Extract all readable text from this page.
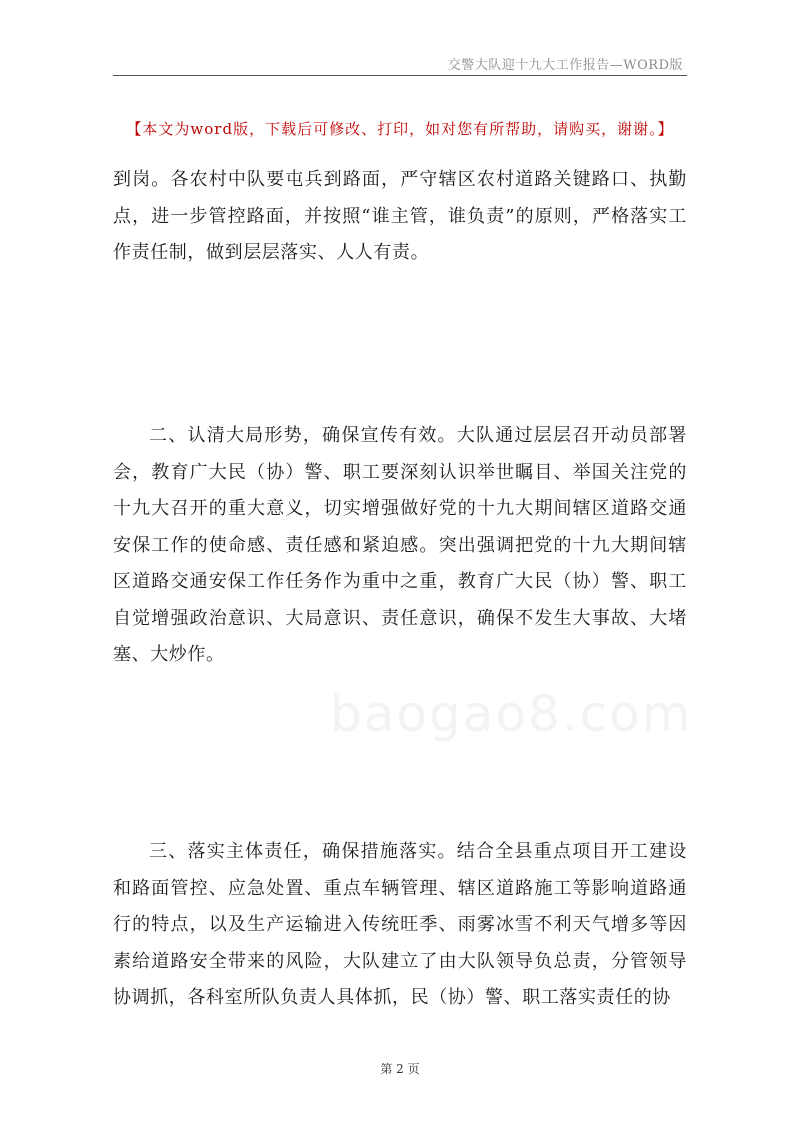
交警大队迎十九大工作报告—WORD版
【本文为word版，下载后可修改、打印，如对您有所帮助，请购买，谢谢。】

到岗。各农村中队要屯兵到路面，严守辖区农村道路关键路口、执勤点，进一步管控路面，并按照“谁主管，谁负责”的原则，严格落实工作责任制，做到层层落实、人人有责。

二、认清大局形势，确保宣传有效。大队通过层层召开动员部署会，教育广大民（协）警、职工要深刻认识举世瞩目、举国关注党的十九大召开的重大意义，切实增强做好党的十九大期间辖区道路交通安保工作的使命感、责任感和紧迫感。突出强调把党的十九大期间辖区道路交通安保工作任务作为重中之重，教育广大民（协）警、职工自觉增强政治意识、大局意识、责任意识，确保不发生大事故、大堵塞、大炒作。

三、落实主体责任，确保措施落实。结合全县重点项目开工建设和路面管控、应急处置、重点车辆管理、辖区道路施工等影响道路通行的特点，以及生产运输进入传统旺季、雨雾冰雪不利天气增多等因素给道路安全带来的风险，大队建立了由大队领导负总责，分管领导协调抓，各科室所队负责人具体抓，民（协）警、职工落实责任的协

baogao8.com
第 2 页
